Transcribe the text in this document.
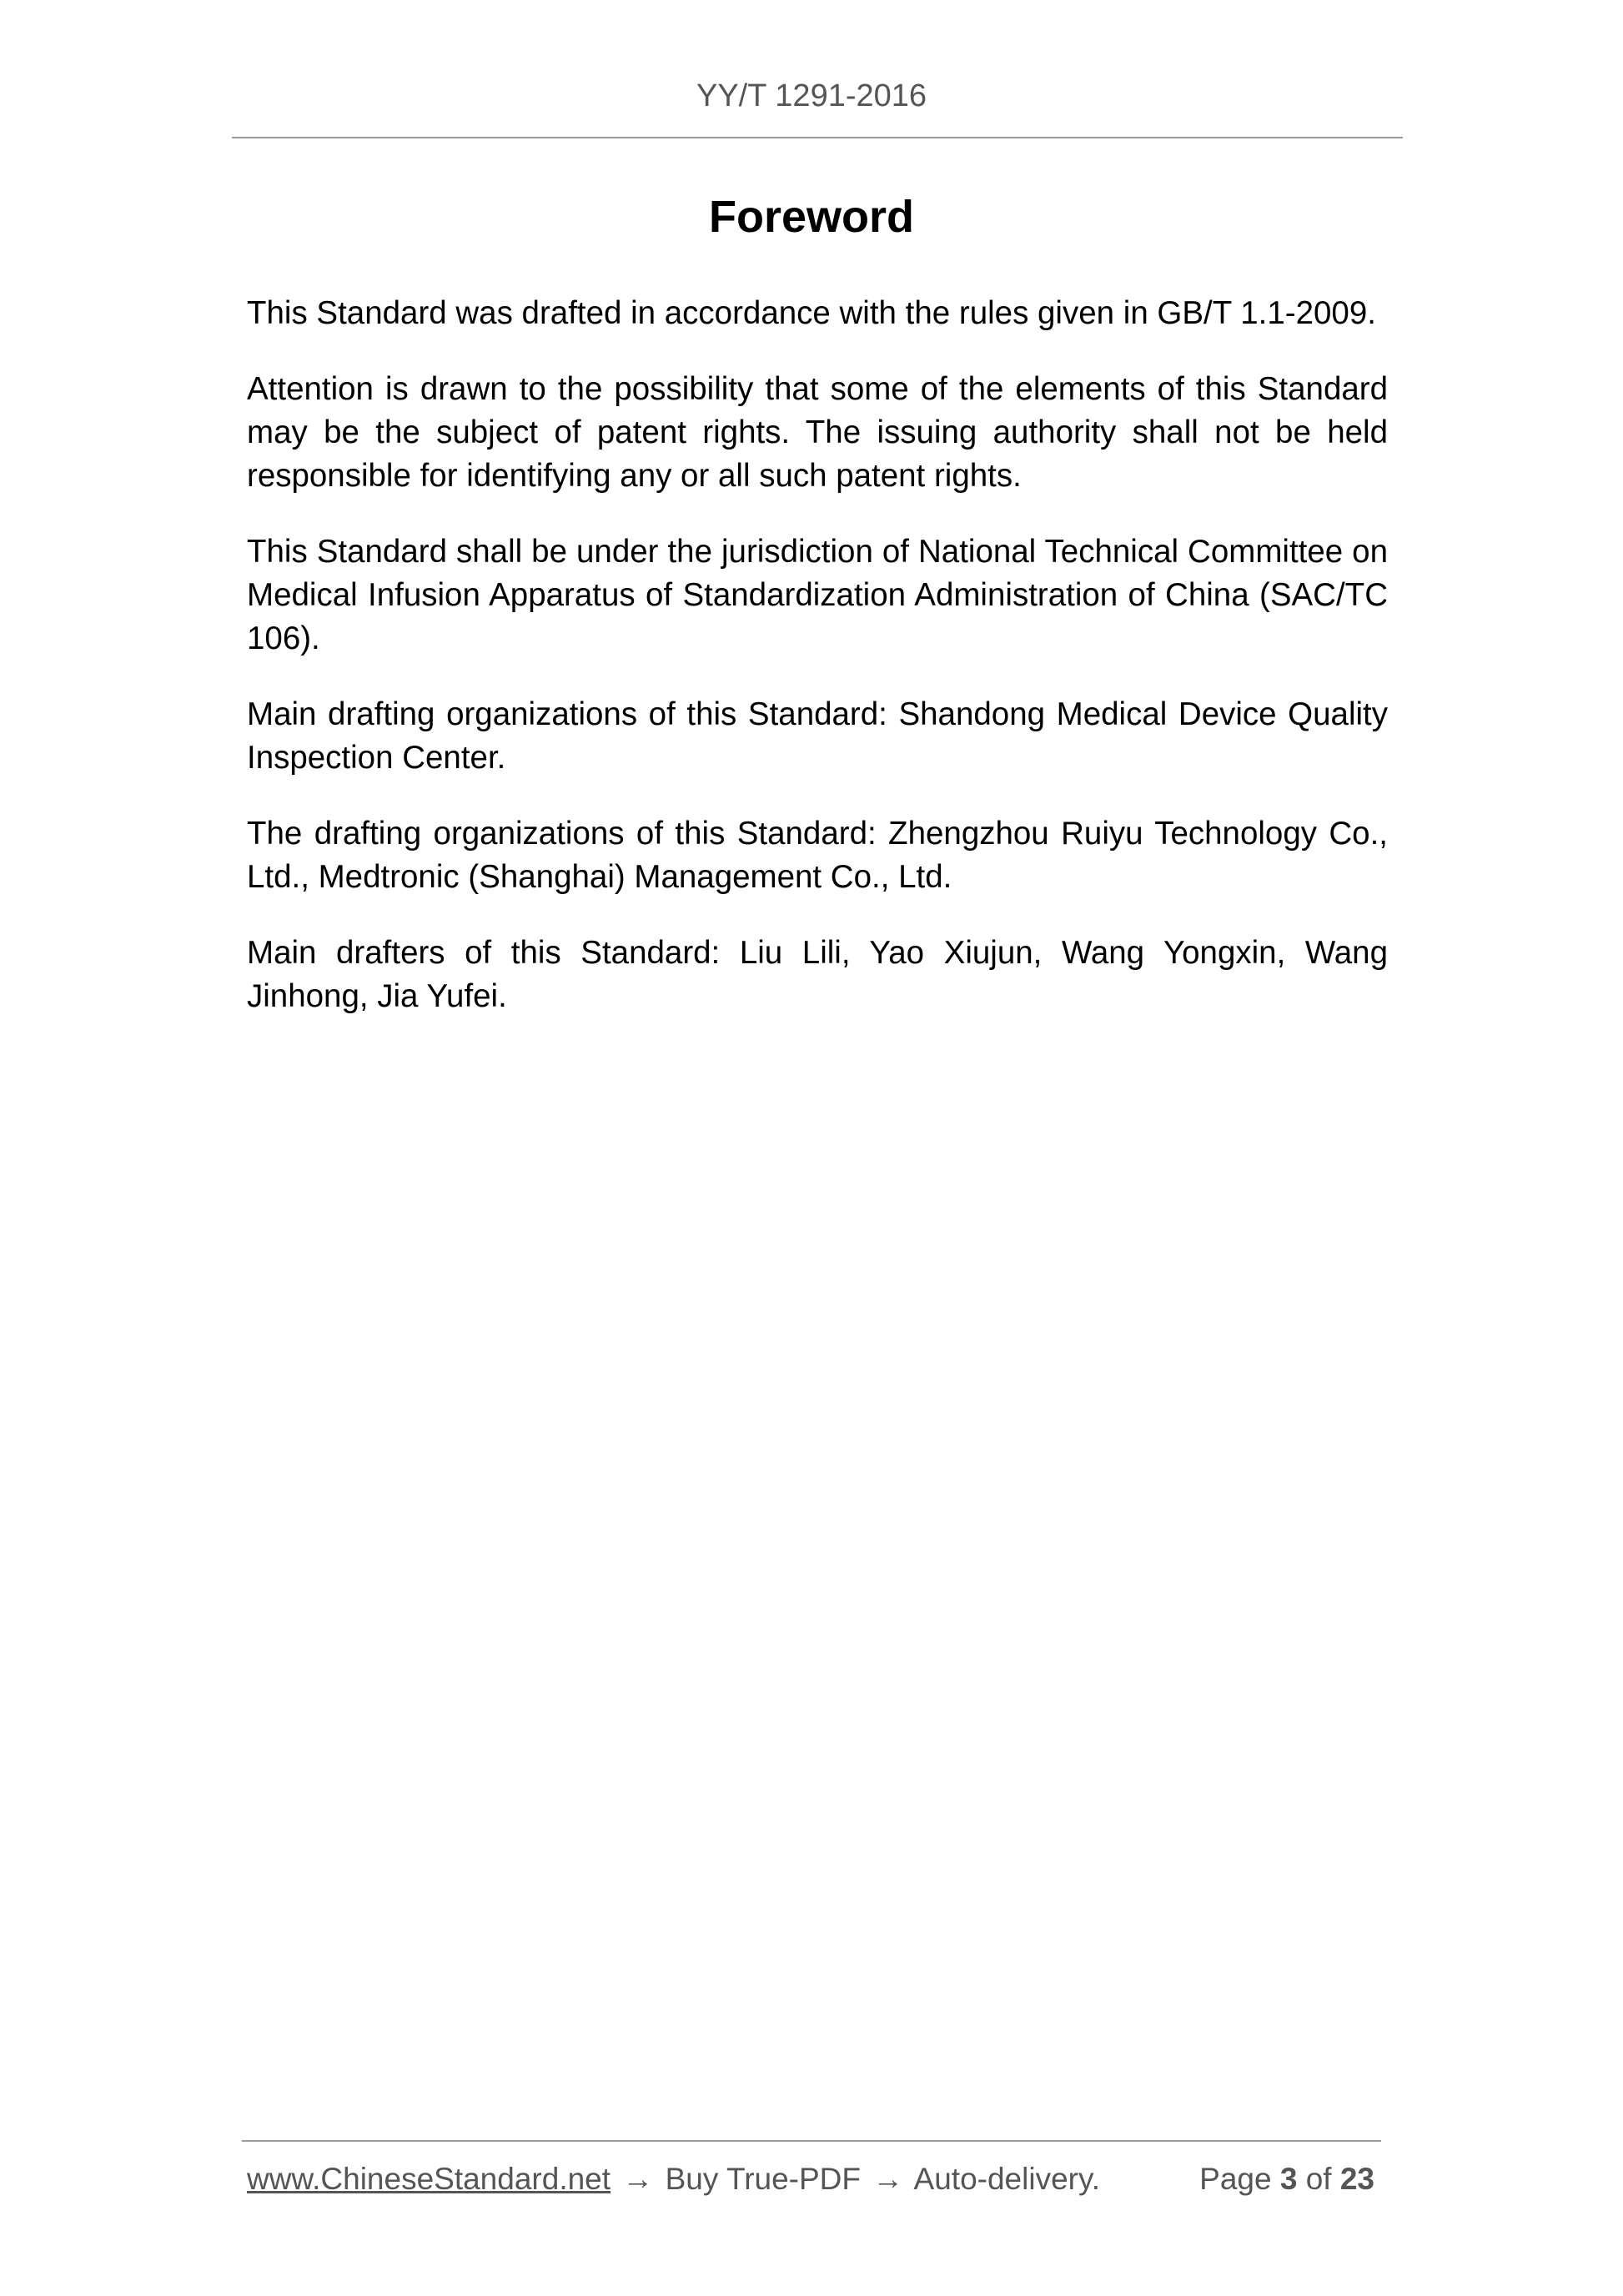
YY/T 1291-2016
Foreword

This Standard was drafted in accordance with the rules given in GB/T 1.1-2009.

Attention is drawn to the possibility that some of the elements of this Standard may be the subject of patent rights. The issuing authority shall not be held responsible for identifying any or all such patent rights.

This Standard shall be under the jurisdiction of National Technical Committee on Medical Infusion Apparatus of Standardization Administration of China (SAC/TC 106).

Main drafting organizations of this Standard: Shandong Medical Device Quality Inspection Center.

The drafting organizations of this Standard: Zhengzhou Ruiyu Technology Co., Ltd., Medtronic (Shanghai) Management Co., Ltd.

Main drafters of this Standard: Liu Lili, Yao Xiujun, Wang Yongxin, Wang Jinhong, Jia Yufei.

www.ChineseStandard.net → Buy True-PDF → Auto-delivery.	Page 3 of 23
